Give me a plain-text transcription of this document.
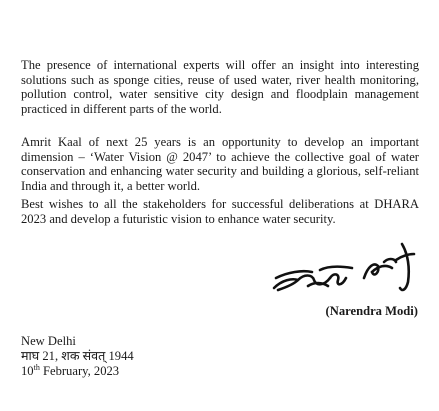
The presence of international experts will offer an insight into interesting solutions such as sponge cities, reuse of used water, river health monitoring, pollution control, water sensitive city design and floodplain management practiced in different parts of the world.

Amrit Kaal of next 25 years is an opportunity to develop an important dimension – ‘Water Vision @ 2047’ to achieve the collective goal of water conservation and enhancing water security and building a glorious, self-reliant India and through it, a better world.

Best wishes to all the stakeholders for successful deliberations at DHARA 2023 and develop a futuristic vision to enhance water security.

(Narendra Modi)

New Delhi
माघ 21, शक संवत् 1944
10th February, 2023
